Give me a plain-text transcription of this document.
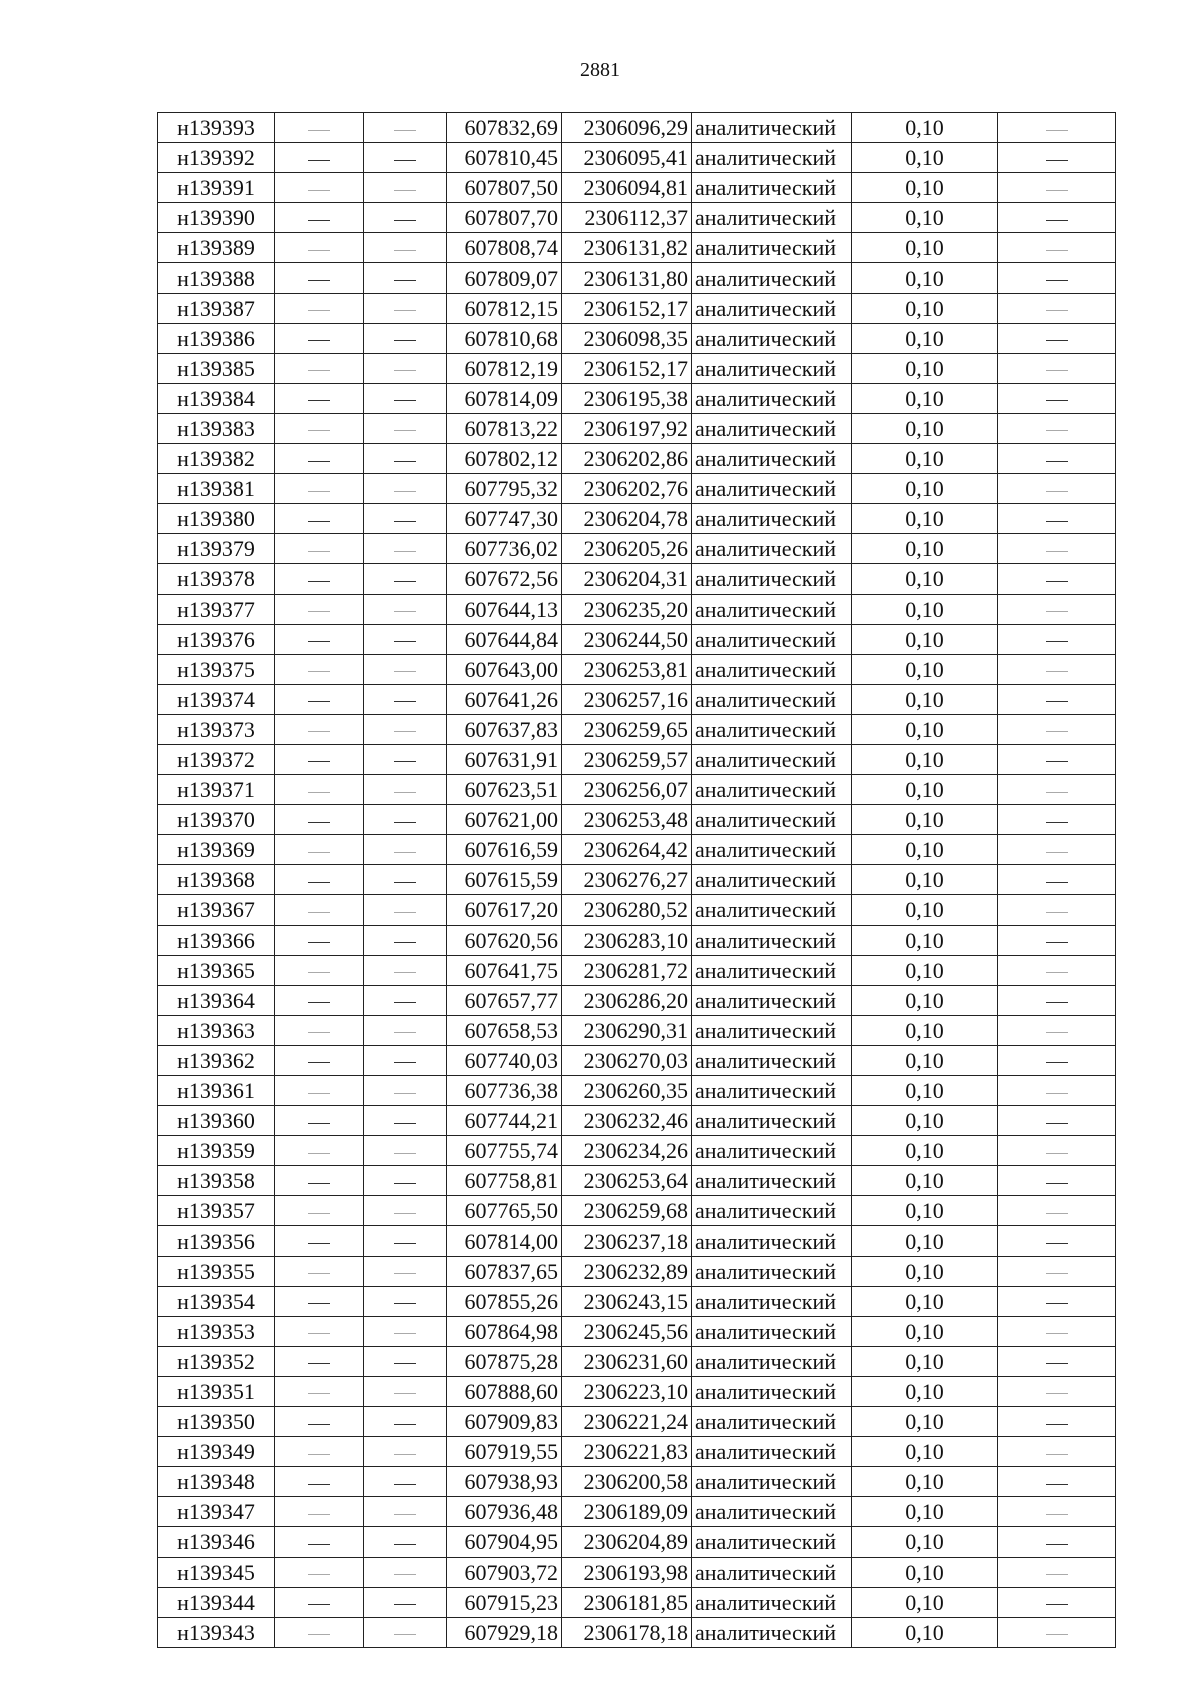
2881
н139393			607832,69	2306096,29	аналитический	0,10	
н139392			607810,45	2306095,41	аналитический	0,10	
н139391			607807,50	2306094,81	аналитический	0,10	
н139390			607807,70	2306112,37	аналитический	0,10	
н139389			607808,74	2306131,82	аналитический	0,10	
н139388			607809,07	2306131,80	аналитический	0,10	
н139387			607812,15	2306152,17	аналитический	0,10	
н139386			607810,68	2306098,35	аналитический	0,10	
н139385			607812,19	2306152,17	аналитический	0,10	
н139384			607814,09	2306195,38	аналитический	0,10	
н139383			607813,22	2306197,92	аналитический	0,10	
н139382			607802,12	2306202,86	аналитический	0,10	
н139381			607795,32	2306202,76	аналитический	0,10	
н139380			607747,30	2306204,78	аналитический	0,10	
н139379			607736,02	2306205,26	аналитический	0,10	
н139378			607672,56	2306204,31	аналитический	0,10	
н139377			607644,13	2306235,20	аналитический	0,10	
н139376			607644,84	2306244,50	аналитический	0,10	
н139375			607643,00	2306253,81	аналитический	0,10	
н139374			607641,26	2306257,16	аналитический	0,10	
н139373			607637,83	2306259,65	аналитический	0,10	
н139372			607631,91	2306259,57	аналитический	0,10	
н139371			607623,51	2306256,07	аналитический	0,10	
н139370			607621,00	2306253,48	аналитический	0,10	
н139369			607616,59	2306264,42	аналитический	0,10	
н139368			607615,59	2306276,27	аналитический	0,10	
н139367			607617,20	2306280,52	аналитический	0,10	
н139366			607620,56	2306283,10	аналитический	0,10	
н139365			607641,75	2306281,72	аналитический	0,10	
н139364			607657,77	2306286,20	аналитический	0,10	
н139363			607658,53	2306290,31	аналитический	0,10	
н139362			607740,03	2306270,03	аналитический	0,10	
н139361			607736,38	2306260,35	аналитический	0,10	
н139360			607744,21	2306232,46	аналитический	0,10	
н139359			607755,74	2306234,26	аналитический	0,10	
н139358			607758,81	2306253,64	аналитический	0,10	
н139357			607765,50	2306259,68	аналитический	0,10	
н139356			607814,00	2306237,18	аналитический	0,10	
н139355			607837,65	2306232,89	аналитический	0,10	
н139354			607855,26	2306243,15	аналитический	0,10	
н139353			607864,98	2306245,56	аналитический	0,10	
н139352			607875,28	2306231,60	аналитический	0,10	
н139351			607888,60	2306223,10	аналитический	0,10	
н139350			607909,83	2306221,24	аналитический	0,10	
н139349			607919,55	2306221,83	аналитический	0,10	
н139348			607938,93	2306200,58	аналитический	0,10	
н139347			607936,48	2306189,09	аналитический	0,10	
н139346			607904,95	2306204,89	аналитический	0,10	
н139345			607903,72	2306193,98	аналитический	0,10	
н139344			607915,23	2306181,85	аналитический	0,10	
н139343			607929,18	2306178,18	аналитический	0,10	
